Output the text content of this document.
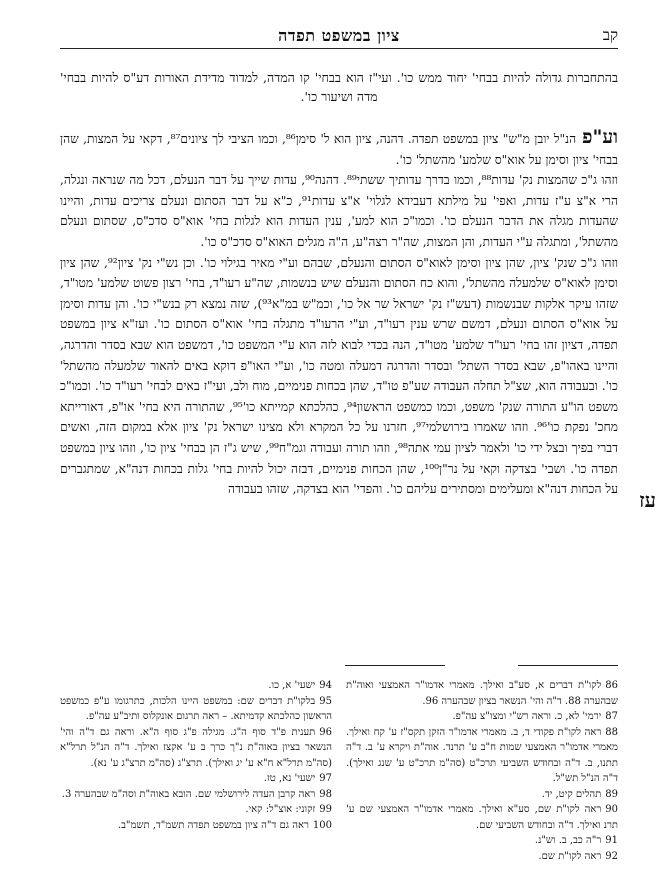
קב
ציון במשפט תפדה
בהתחברות גדולה להיות בבחי' יחוד ממש כו'. ועי"ז הוא בבחי' קו המדה, למדוד מדידת האורות דע"ס להיות בבחי' מדה ושיעור כו'.
עז

וע"פהנ"ל יובן מ"ש" ציון במשפט תפדה. דהנה, ציון הוא ל' סימן⁸⁶, וכמו הציבי לך ציונים⁸⁷, דקאי על המצות, שהן בבחי' ציון וסימן על אוא"ס שלמע' מהשתל' כו'.

וזהו ג"כ שהמצות נק' עדות⁸⁸, וכמו בדרך עדותיך ששתי⁸⁹. דהנה⁹⁰, עדות שייך על דבר הנעלם, דכל מה שנראה ונגלה, הרי א"צ ע"ז עדות, ואפי' על מילתא דעבידא לגלוי' א"צ עדות⁹¹, כ"א על דבר הסתום ונעלם צריכים עדות, והיינו שהעדות מגלה את הדבר הנעלם כו'. וכמו"כ הוא למע', ענין העדות הוא לגלות בחי' אוא"ס סדכ"ס, שסתום ונעלם מהשתל', ומתגלה ע"י העדות, והן המצות, שה"ר רצה"ע, ה"ה מגלים האוא"ס סדכ"ס כו'.

וזהו ג"כ שנק' ציון, שהן ציון וסימן לאוא"ס הסתום והנעלם, שבהם וע"י מאיר בגילוי כו'. וכן נש"י נק' ציון⁹², שהן ציון וסימן לאוא"ס שלמעלה מהשתל', והוא כח הסתום והנעלם שיש בנשמות, שה"ע רעו"ד, בחי' רצון פשוט שלמע' מטו"ד, שזהו עיקר אלקות שבנשמות (דעש"ז נק' ישראל שר אל כו', וכמ"ש במ"א⁹³), שזה נמצא רק בנש"י כו'. והן עדות וסימן על אוא"ס הסתום ונעלם, דמשם שרש ענין רעו"ד, וע"י הרעו"ד מתגלה בחי' אוא"ס הסתום כו'. ועז"א ציון במשפט תפדה, דציון זהו בחי' רעו"ד שלמע' מטו"ד, הנה בכדי לבוא לזה הוא ע"י המשפט כו', דמשפט הוא שבא בסדר והדרגה, והיינו באהו"פ, שבא בסדר השתל' ובסדר והדרגה דמעלה ומטה כו', וע"י האו"פ דוקא באים להאור שלמעלה מהשתל' כו'. ובעבודה הוא, שצ"ל תחלה העבודה שע"פ טו"ד, שהן בכחות פנימיים, מוח ולב, ועי"ז באים לבחי' רעו"ד כו'. וכמו"כ משפט הו"ע התורה שנק' משפט, וכמו כמשפט הראשון⁹⁴, כהלכתא קמייתא כו'⁹⁵, שהתורה היא בחי' או"פ, דאורייתא מחכ' נפקת כו'⁹⁶. וזהו שאמרו בירושלמי⁹⁷, חזרנו על כל המקרא ולא מצינו ישראל נק' ציון אלא במקום הזה, ואשים דברי בפיך ובצל ידי כו' ולאמר לציון עמי אתה⁹⁸, וזהו תורה ועבודה וגמ"ח⁹⁹, שיש ג"ז הן בבחי' ציון כו', וזהו ציון במשפט תפדה כו'. ושבי' בצדקה וקאי על נר"ן¹⁰⁰, שהן הכחות פנימיים, דבזה יכול להיות בחי' גלות בכחות דנה"א, שמתגברים על הכחות דנה"א ומעלימים ומסתירים עליהם כו'. והפדי' הוא בצדקה, שזהו בעבודה

86לקו"ת דברים א, סע"ב ואילך. מאמרי אדמו"ר האמצעי ואוה"ת שבהערה 88. ד"ה והי' הנשאר בציון שבהערה 96.

87ירמי' לא, כ. וראה רש"י ומצו"צ עה"פ.

88ראה לקו"ת פקודי ד, ב. מאמרי אדמו"ר הזקן תקס"ז ע' קח ואילך. מאמרי אדמו"ר האמצעי שמות ח"ב ע' תרנד. אוה"ת ויקרא ע' ב. ד"ה תתנו, ב. ד"ה ובחודש השביעי תרכ"ט (סה"מ תרכ"ט ע' שנג ואילך). ד"ה הנ"ל תש"ל.

89תהלים קיט, יד.

90ראה לקו"ת שם, סע"א ואילך. מאמרי אדמו"ר האמצעי שם ע' תרנ ואילך. ד"ה ובחודש השביעי שם.

91ר"ה כב, ב. וש"נ.

92ראה לקו"ת שם.

94ישעי' א, כו.

95בלקו"ת דברים שם: במשפט היינו הלכות, כתרגומו ע"פ כמשפט הראשון כהלכתא קדמיתא. – ראה תרגום אונקלוס ותיב"ע עה"פ.

96תענית פ"ד סוף ה"ג. מגילה פ"ג סוף ה"א. וראה גם ד"ה והי' הנשאר בציון באוה"ת נ"ך כרך ב ע' אקצז ואילך. ד"ה הנ"ל תרל"א (סה"מ תרל"א ח"א ע' יג ואילך). תרצ"ג (סה"מ תרצ"ג ע' נא).

97ישעי' נא, טז.

98ראה קרבן העדה לירושלמי שם. הובא באוה"ת וסה"מ שבהערה 3.

99זקוני: אוצ"ל: קאי.

100ראה גם ד"ה ציון במשפט תפדה תשמ"ד, תשמ"ב.
